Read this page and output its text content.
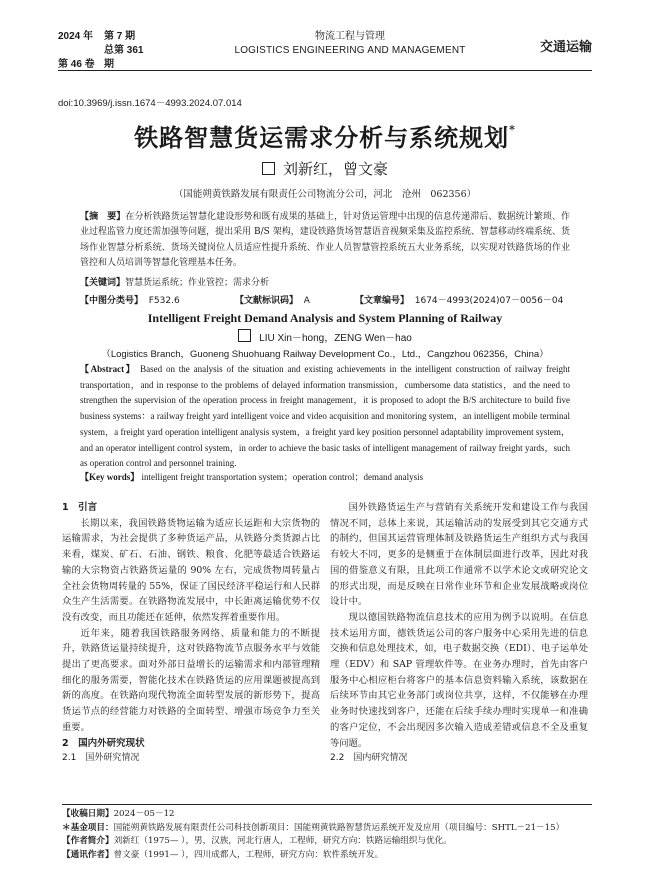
2024 年 第 7 期
第 46 卷总第 361 期
物流工程与管理
LOGISTICS ENGINEERING AND MANAGEMENT	交通运输
doi:10.3969/j.issn.1674－4993.2024.07.014
铁路智慧货运需求分析与系统规划*
刘新红，曾文豪
（国能朔黄铁路发展有限责任公司物流分公司，河北　沧州　062356）
【摘　要】在分析铁路货运智慧化建设形势和既有成果的基础上，针对货运管理中出现的信息传递滞后、数据统计繁琐、作业过程监管力度还需加强等问题，提出采用 B/S 架构，建设铁路货场智慧语音视频采集及监控系统、智慧移动终端系统、货场作业智慧分析系统、货场关键岗位人员适应性提升系统、作业人员智慧管控系统五大业务系统，以实现对铁路货场的作业管控和人员培训等智慧化管理基本任务。
【关键词】智慧货运系统；作业管控；需求分析
【中图分类号】 F532.6	【文献标识码】 A	【文章编号】 1674－4993(2024)07－0056－04
Intelligent Freight Demand Analysis and System Planning of Railway
LIU Xin－hong，ZENG Wen－hao
（Logistics Branch，Guoneng Shuohuang Railway Development Co.，Ltd.，Cangzhou 062356，China）
【Abstract】 Based on the analysis of the situation and existing achievements in the intelligent construction of railway freight transportation，and in response to the problems of delayed information transmission，cumbersome data statistics，and the need to strengthen the supervision of the operation process in freight management，it is proposed to adopt the B/S architecture to build five business systems：a railway freight yard intelligent voice and video acquisition and monitoring system，an intelligent mobile terminal system，a freight yard operation intelligent analysis system，a freight yard key position personnel adaptability improvement system，and an operator intelligent control system，in order to achieve the basic tasks of intelligent management of railway freight yards，such as operation control and personnel training.
【Key words】 intelligent freight transportation system；operation control；demand analysis
1　引言

长期以来，我国铁路货物运输为适应长运距和大宗货物的运输需求，为社会提供了多种货运产品，从铁路分类货源占比来看，煤炭、矿石、石油、钢铁、粮食、化肥等最适合铁路运输的大宗物资占铁路货运量的 90% 左右，完成货物周转量占全社会货物周转量的 55%，保证了国民经济平稳运行和人民群众生产生活需要。在铁路物流发展中，中长距离运输优势不仅没有改变，而且功能还在延伸，依然发挥着重要作用。

近年来，随着我国铁路服务网络、质量和能力的不断提升，铁路货运量持续提升，这对铁路物流节点服务水平与效能提出了更高要求。面对外部日益增长的运输需求和内部管理精细化的服务需要，智能化技术在铁路货运的应用课题被提高到新的高度。在铁路向现代物流全面转型发展的新形势下，提高货运节点的经营能力对铁路的全面转型、增强市场竞争力至关重要。

2　国内外研究现状
2.1　国外研究情况

国外铁路货运生产与营销有关系统开发和建设工作与我国情况不同，总体上来说，其运输活动的发展受到其它交通方式的制约，但国其运营管理体制及铁路货运生产组织方式与我国有较大不同，更多的是侧重于在体制层面进行改革，因此对我国的借鉴意义有限，且此项工作通常不以学术论文或研究论文的形式出现，而是反映在日常作业环节和企业发展战略或岗位设计中。

现以德国铁路物流信息技术的应用为例予以说明。在信息技术运用方面，德铁货运公司的客户服务中心采用先进的信息交换和信息处理技术，如，电子数据交换（EDI）、电子运单处理（EDV）和 SAP 管理软件等。在业务办理时，首先由客户服务中心相应柜台将客户的基本信息资料输入系统，该数据在后续环节由其它业务部门或岗位共享，这样，不仅能够在办理业务时快速找到客户，还能在后续手续办理时实现单一和准确的客户定位，不会出现因多次输入造成差错或信息不全及重复等问题。

2.2　国内研究情况
【收稿日期】2024－05－12
＊基金项目：国能朔黄铁路发展有限责任公司科技创新项目：国能朔黄铁路智慧货运系统开发及应用（项目编号：SHTL－21－15）
【作者简介】刘新红（1975— ），男，汉族，河北行唐人，工程师，研究方向：铁路运输组织与优化。
【通讯作者】曾文豪（1991— ），四川成都人，工程师，研究方向：软件系统开发。
